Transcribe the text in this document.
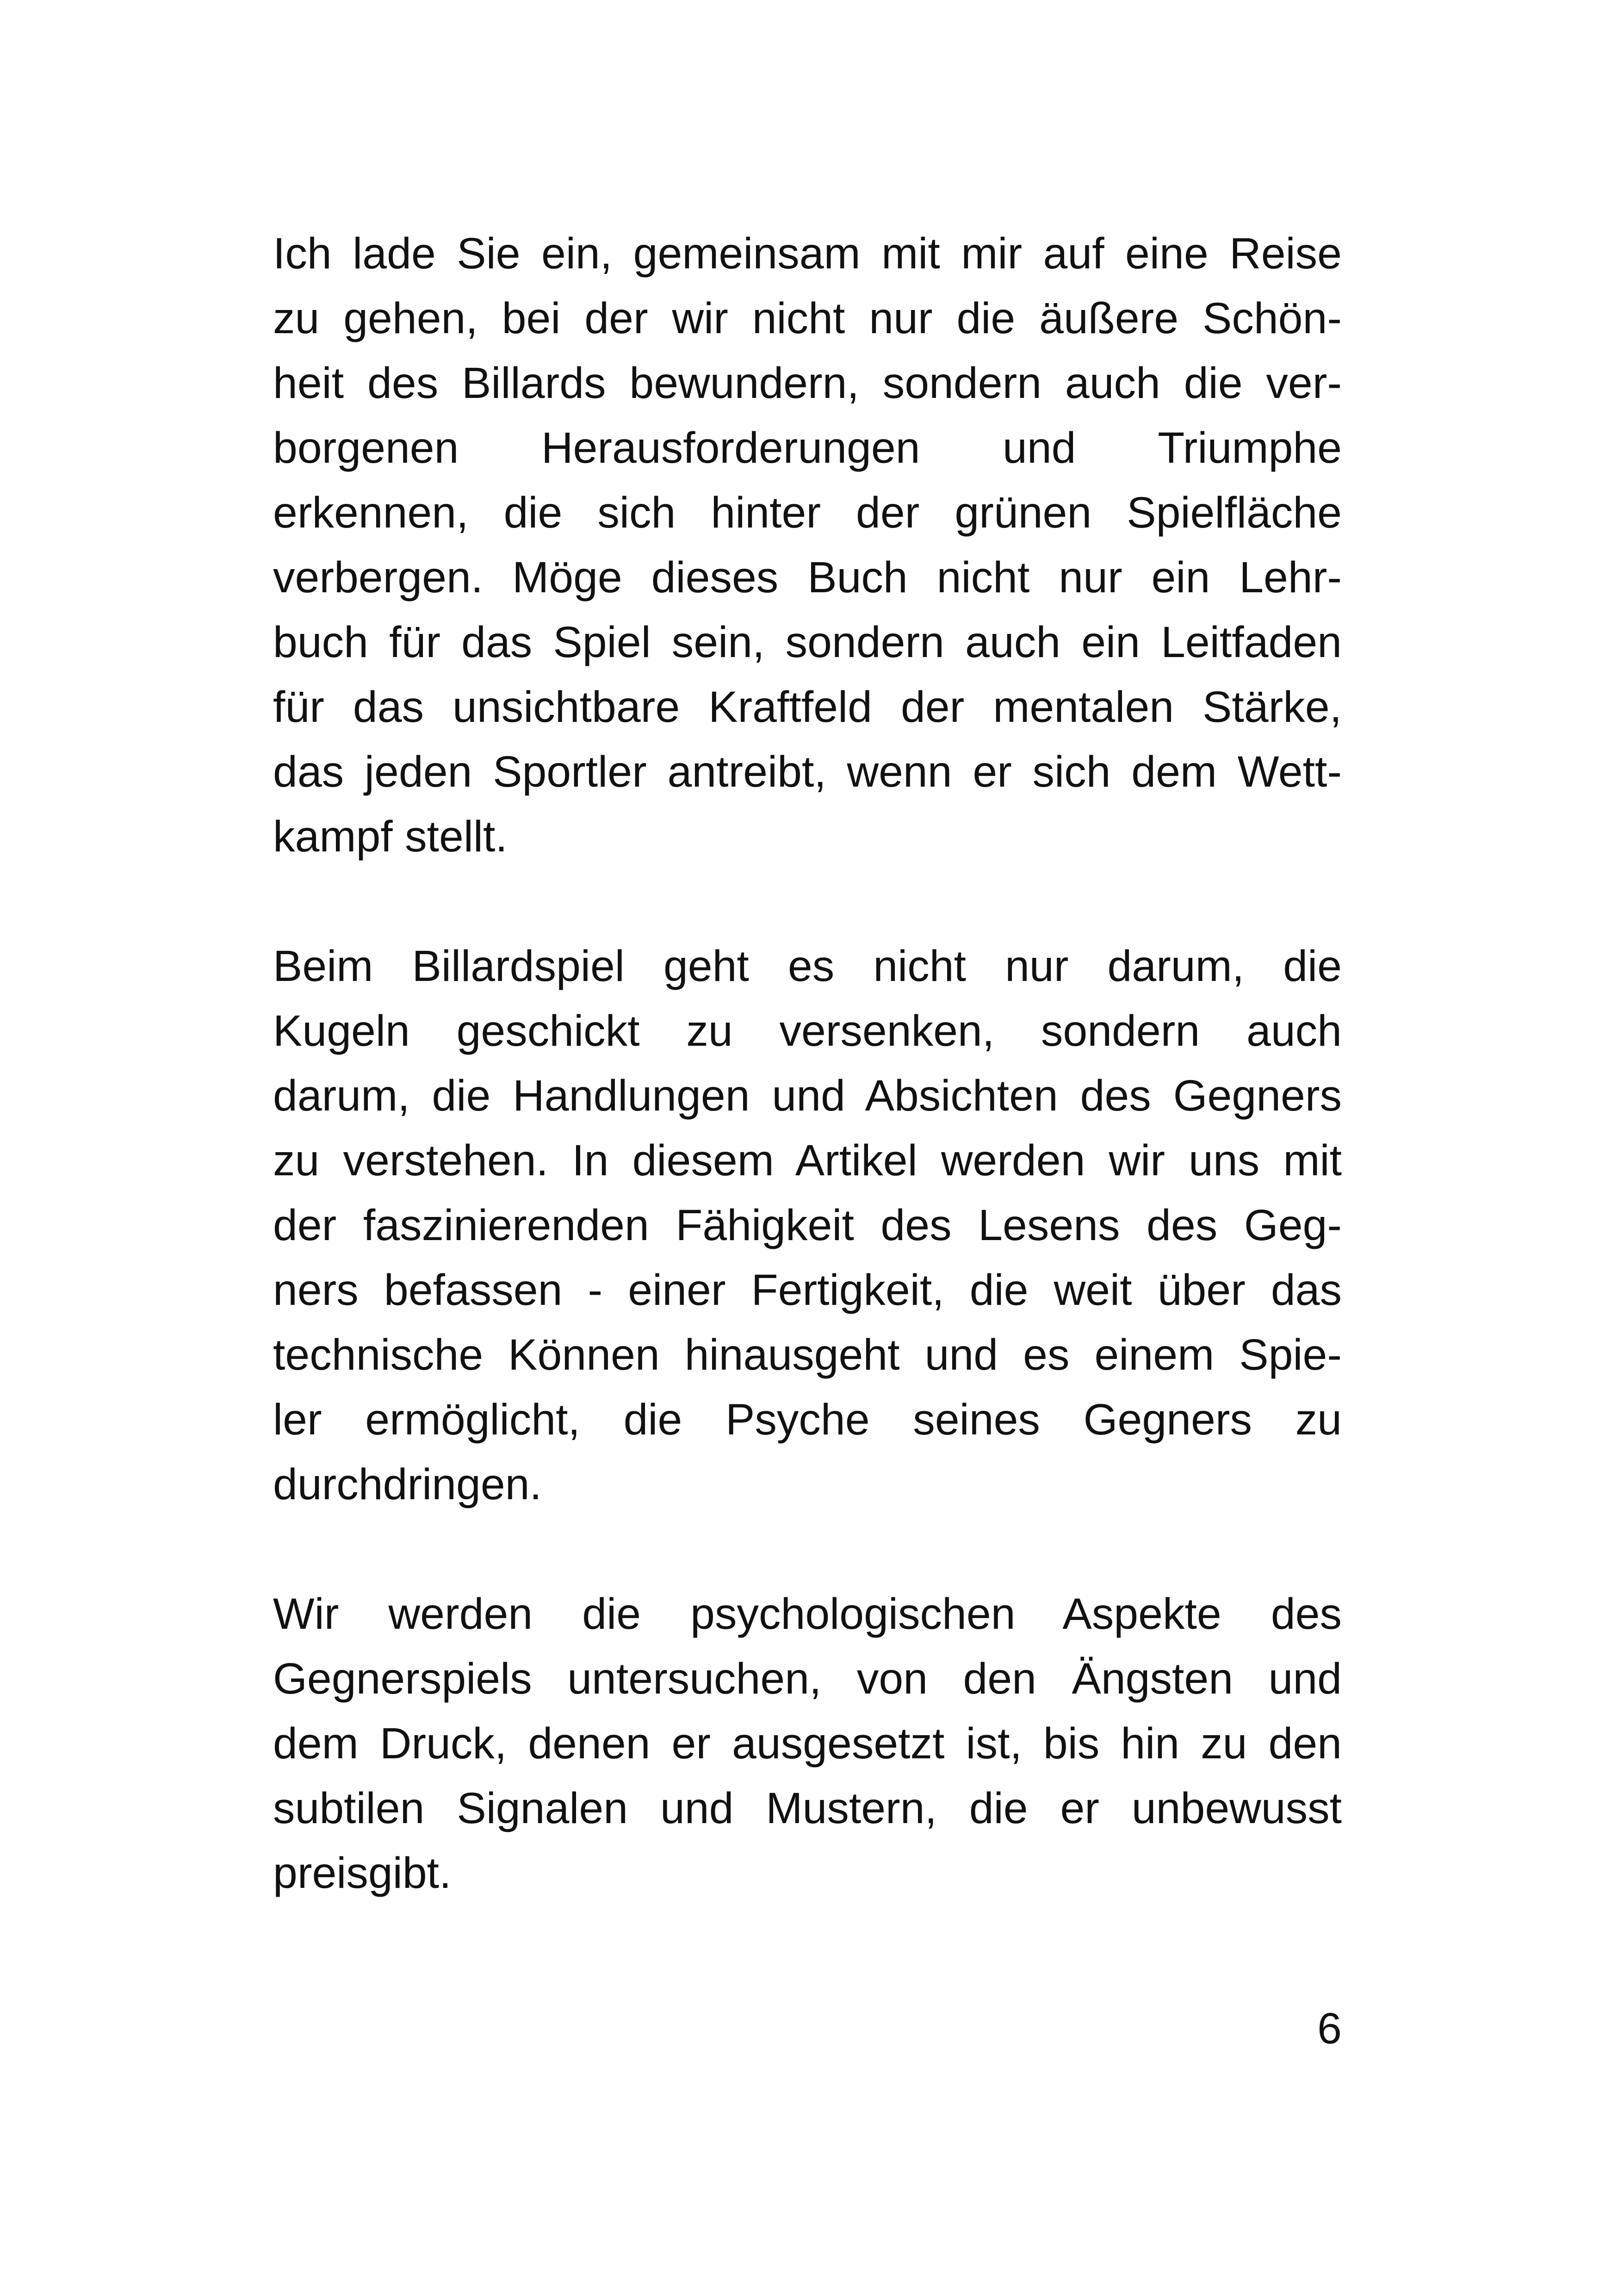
Ich lade Sie ein, gemeinsam mit mir auf eine Reise
zu gehen, bei der wir nicht nur die äußere Schön-
heit des Billards bewundern, sondern auch die ver-
borgenen Herausforderungen und Triumphe
erkennen, die sich hinter der grünen Spielfläche
verbergen. Möge dieses Buch nicht nur ein Lehr-
buch für das Spiel sein, sondern auch ein Leitfaden
für das unsichtbare Kraftfeld der mentalen Stärke,
das jeden Sportler antreibt, wenn er sich dem Wett-
kampf stellt.
Beim Billardspiel geht es nicht nur darum, die
Kugeln geschickt zu versenken, sondern auch
darum, die Handlungen und Absichten des Gegners
zu verstehen. In diesem Artikel werden wir uns mit
der faszinierenden Fähigkeit des Lesens des Geg-
ners befassen - einer Fertigkeit, die weit über das
technische Können hinausgeht und es einem Spie-
ler ermöglicht, die Psyche seines Gegners zu
durchdringen.
Wir werden die psychologischen Aspekte des
Gegnerspiels untersuchen, von den Ängsten und
dem Druck, denen er ausgesetzt ist, bis hin zu den
subtilen Signalen und Mustern, die er unbewusst
preisgibt.
6
